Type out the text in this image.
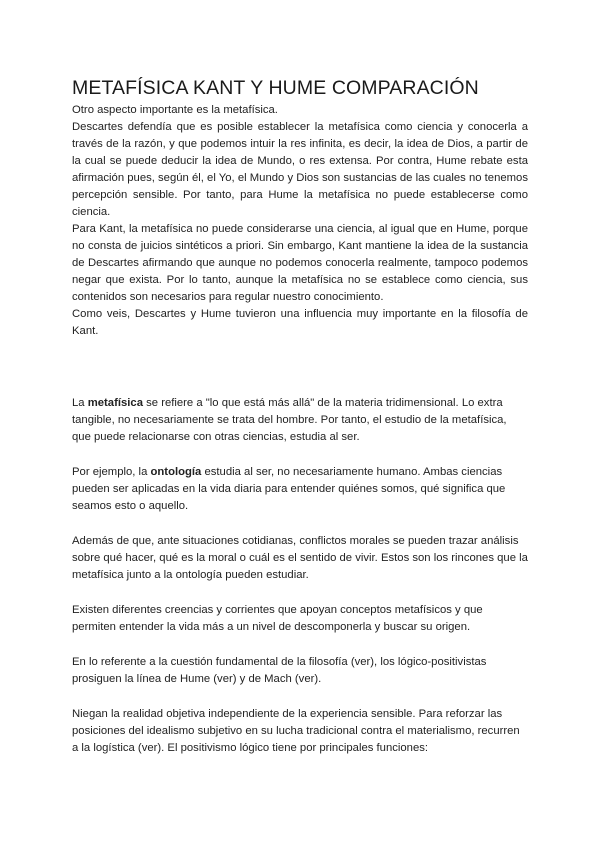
METAFÍSICA KANT Y HUME COMPARACIÓN

Otro aspecto importante es la metafísica.

Descartes defendía que es posible establecer la metafísica como ciencia y conocerla a través de la razón, y que podemos intuir la res infinita, es decir, la idea de Dios, a partir de la cual se puede deducir la idea de Mundo, o res extensa. Por contra, Hume rebate esta afirmación pues, según él, el Yo, el Mundo y Dios son sustancias de las cuales no tenemos percepción sensible. Por tanto, para Hume la metafísica no puede establecerse como ciencia.

Para Kant, la metafísica no puede considerarse una ciencia, al igual que en Hume, porque no consta de juicios sintéticos a priori. Sin embargo, Kant mantiene la idea de la sustancia de Descartes afirmando que aunque no podemos conocerla realmente, tampoco podemos negar que exista. Por lo tanto, aunque la metafísica no se establece como ciencia, sus contenidos son necesarios para regular nuestro conocimiento.

Como veis, Descartes y Hume tuvieron una influencia muy importante en la filosofía de Kant.

La metafísica se refiere a "lo que está más allá" de la materia tridimensional. Lo extra tangible, no necesariamente se trata del hombre. Por tanto, el estudio de la metafísica, que puede relacionarse con otras ciencias, estudia al ser.

Por ejemplo, la ontología estudia al ser, no necesariamente humano. Ambas ciencias pueden ser aplicadas en la vida diaria para entender quiénes somos, qué significa que seamos esto o aquello.

Además de que, ante situaciones cotidianas, conflictos morales se pueden trazar análisis sobre qué hacer, qué es la moral o cuál es el sentido de vivir. Estos son los rincones que la metafísica junto a la ontología pueden estudiar.

Existen diferentes creencias y corrientes que apoyan conceptos metafísicos y que permiten entender la vida más a un nivel de descomponerla y buscar su origen.

En lo referente a la cuestión fundamental de la filosofía (ver), los lógico-positivistas prosiguen la línea de Hume (ver) y de Mach (ver).

Niegan la realidad objetiva independiente de la experiencia sensible. Para reforzar las posiciones del idealismo subjetivo en su lucha tradicional contra el materialismo, recurren a la logística (ver). El positivismo lógico tiene por principales funciones:
